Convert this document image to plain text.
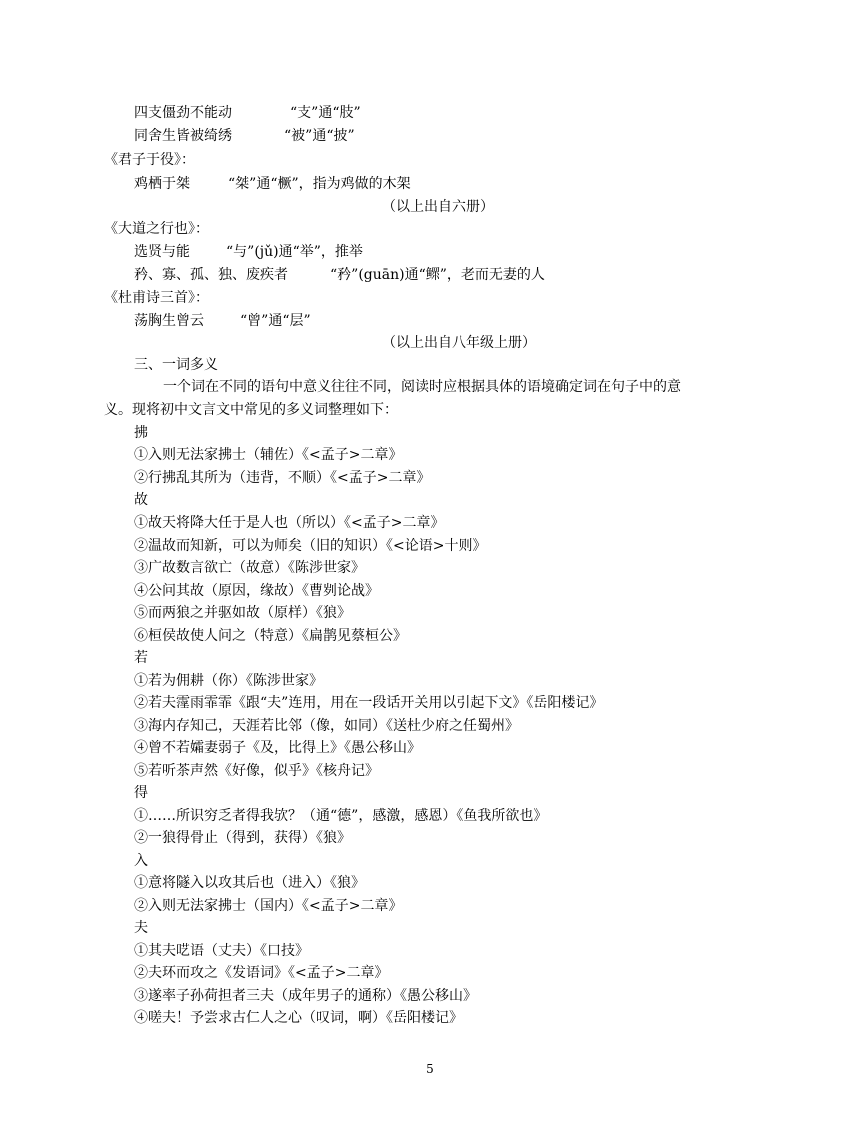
四支僵劲不能动	“支”通“肢”
同舍生皆被绮绣	“被”通“披”
《君子于役》：
鸡栖于桀	“桀”通“橛”，指为鸡做的木架
（以上出自六册）
《大道之行也》：
选贤与能	“与”(jǔ)通“举”，推举
矜、寡、孤、独、废疾者	“矜”(guān)通“鳏”，老而无妻的人
《杜甫诗三首》：
荡胸生曾云	“曾”通“层”
（以上出自八年级上册）
三、一词多义
一个词在不同的语句中意义往往不同，阅读时应根据具体的语境确定词在句子中的意
义。现将初中文言文中常见的多义词整理如下：
拂
①入则无法家拂士（辅佐）《<孟子>二章》
②行拂乱其所为（违背，不顺）《<孟子>二章》
故
①故天将降大任于是人也（所以）《<孟子>二章》
②温故而知新，可以为师矣（旧的知识）《<论语>十则》
③广故数言欲亡（故意）《陈涉世家》
④公问其故（原因，缘故）《曹刿论战》
⑤而两狼之并驱如故（原样）《狼》
⑥桓侯故使人问之（特意）《扁鹊见蔡桓公》
若
①若为佣耕（你）《陈涉世家》
②若夫霪雨霏霏《跟“夫”连用，用在一段话开关用以引起下文》《岳阳楼记》
③海内存知己，天涯若比邻（像，如同）《送杜少府之任蜀州》
④曾不若孀妻弱子《及，比得上》《愚公移山》
⑤若听茶声然《好像，似乎》《核舟记》
得
①……所识穷乏者得我欤？（通“德”，感激，感恩）《鱼我所欲也》
②一狼得骨止（得到，获得）《狼》
入
①意将隧入以攻其后也（进入）《狼》
②入则无法家拂士（国内）《<孟子>二章》
夫
①其夫呓语（丈夫）《口技》
②夫环而攻之《发语词》《<孟子>二章》
③遂率子孙荷担者三夫（成年男子的通称）《愚公移山》
④嗟夫！予尝求古仁人之心（叹词，啊）《岳阳楼记》
5
